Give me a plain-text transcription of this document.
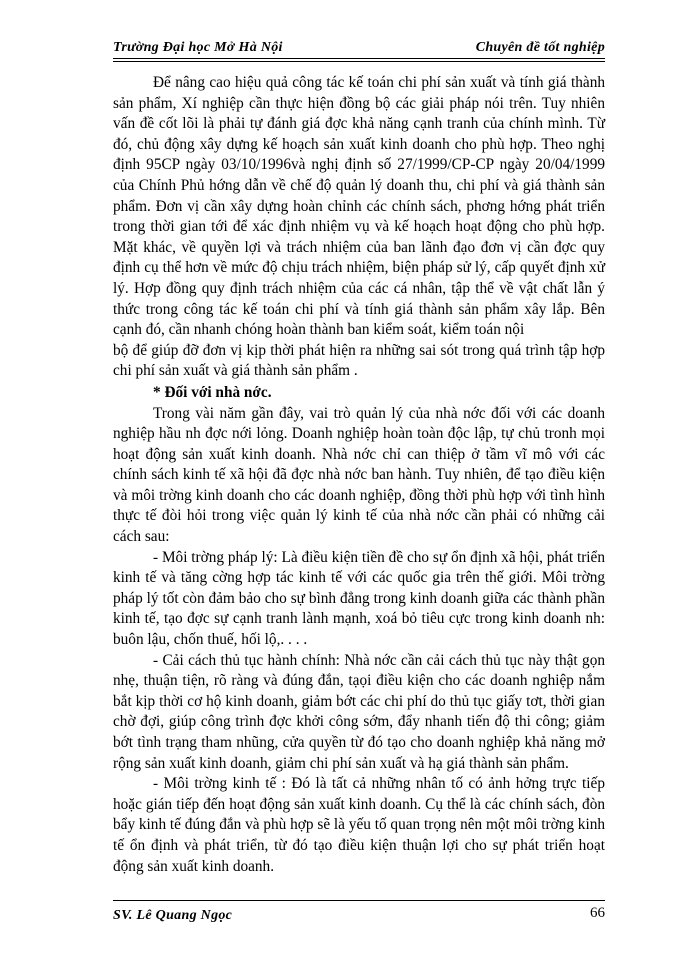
Trường Đại học Mở Hà Nội	Chuyên đề tốt nghiệp

Để nâng cao hiệu quả công tác kế toán chi phí sản xuất và tính giá thành sản phẩm, Xí nghiệp cần thực hiện đồng bộ các giải pháp nói trên. Tuy nhiên vấn đề cốt lõi là phải tự đánh giá đợc khả năng cạnh tranh của chính mình. Từ đó, chủ động xây dựng kế hoạch sản xuất kinh doanh cho phù hợp. Theo nghị định 95CP ngày 03/10/1996và nghị định số 27/1999/CP-CP ngày 20/04/1999 của Chính Phủ hớng dẫn về chế độ quản lý doanh thu, chi phí và giá thành sản phẩm. Đơn vị cần xây dựng hoàn chỉnh các chính sách, phơng hớng phát triển trong thời gian tới để xác định nhiệm vụ và kế hoạch hoạt động cho phù hợp. Mặt khác, về quyền lợi và trách nhiệm của ban lãnh đạo đơn vị cần đợc quy định cụ thể hơn về mức độ chịu trách nhiệm, biện pháp sử lý, cấp quyết định xử lý. Hợp đồng quy định trách nhiệm của các cá nhân, tập thể về vật chất lẫn ý thức trong công tác kế toán chi phí và tính giá thành sản phẩm xây lắp. Bên cạnh đó, cần nhanh chóng hoàn thành ban kiểm soát, kiểm toán nội

bộ để giúp đỡ đơn vị kịp thời phát hiện ra những sai sót trong quá trình tập hợp chi phí sản xuất và giá thành sản phẩm .

* Đối với nhà nớc.

Trong vài năm gần đây, vai trò quản lý của nhà nớc đối với các doanh nghiệp hầu nh đợc nới lỏng. Doanh nghiệp hoàn toàn độc lập, tự chủ tronh mọi hoạt động sản xuất kinh doanh. Nhà nớc chỉ can thiệp ở tầm vĩ mô với các chính sách kinh tế xã hội đã đợc nhà nớc ban hành. Tuy nhiên, để tạo điều kiện và môi trờng kinh doanh cho các doanh nghiệp, đồng thời phù hợp với tình hình thực tế đòi hỏi trong việc quản lý kinh tế của nhà nớc cần phải có những cải cách sau:

- Môi trờng pháp lý: Là điều kiện tiền đề cho sự ổn định xã hội, phát triển kinh tế và tăng cờng hợp tác kinh tế với các quốc gia trên thế giới. Môi trờng pháp lý tốt còn đảm bảo cho sự bình đẳng trong kinh doanh giữa các thành phần kinh tế, tạo đợc sự cạnh tranh lành mạnh, xoá bỏ tiêu cực trong kinh doanh nh: buôn lậu, chốn thuế, hối lộ,. . . .

- Cải cách thủ tục hành chính: Nhà nớc cần cải cách thủ tục này thật gọn nhẹ, thuận tiện, rõ ràng và đúng đắn, tạọi điều kiện cho các doanh nghiệp nắm bắt kịp thời cơ hộ kinh doanh, giảm bớt các chi phí do thủ tục giấy tơt, thời gian chờ đợi, giúp công trình đợc khởi công sớm, đẩy nhanh tiến độ thi công; giảm bớt tình trạng tham nhũng, cửa quyền từ đó tạo cho doanh nghiệp khả năng mở rộng sản xuất kinh doanh, giảm chi phí sản xuất và hạ giá thành sản phẩm.

- Môi trờng kinh tế : Đó là tất cả những nhân tố có ảnh hởng trực tiếp hoặc gián tiếp đến hoạt động sản xuất kinh doanh. Cụ thể là các chính sách, đòn bẩy kinh tế đúng đắn và phù hợp sẽ là yếu tố quan trọng nên một môi trờng kinh tế ổn định và phát triển, từ đó tạo điều kiện thuận lợi cho sự phát triển hoạt động sản xuất kinh doanh.

SV. Lê Quang Ngọc	66
